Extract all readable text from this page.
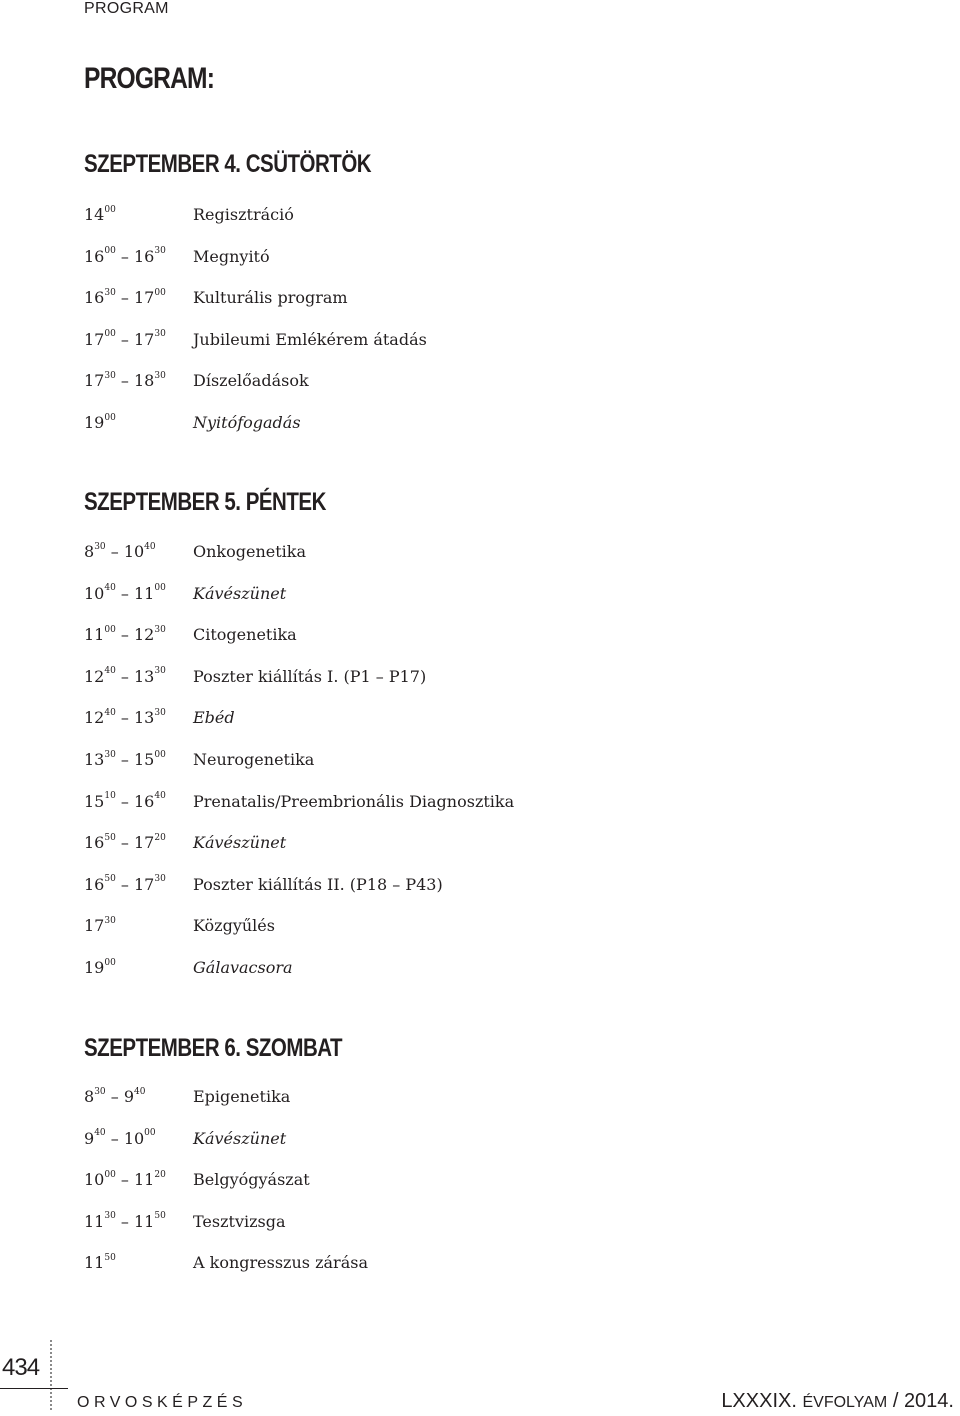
PROGRAM
PROGRAM:
SZEPTEMBER 4. CSÜTÖRTÖK
$14^{00}$	Regisztráció
$16^{00} - 16^{30}$	Megnyitó
$16^{30} - 17^{00}$	Kulturális program
$17^{00} - 17^{30}$	Jubileumi Emlékérem átadás
$17^{30} - 18^{30}$	Díszelőadások
$19^{00}$	Nyitófogadás
SZEPTEMBER 5. PÉNTEK
$8^{30} - 10^{40}$	Onkogenetika
$10^{40} - 11^{00}$	Kávészünet
$11^{00} - 12^{30}$	Citogenetika
$12^{40} - 13^{30}$	Poszter kiállítás I. (P1 – P17)
$12^{40} - 13^{30}$	Ebéd
$13^{30} - 15^{00}$	Neurogenetika
$15^{10} - 16^{40}$	Prenatalis/Preembrionális Diagnosztika
$16^{50} - 17^{20}$	Kávészünet
$16^{50} - 17^{30}$	Poszter kiállítás II. (P18 – P43)
$17^{30}$	Közgyűlés
$19^{00}$	Gálavacsora
SZEPTEMBER 6. SZOMBAT
$8^{30} - 9^{40}$	Epigenetika
$9^{40} - 10^{00}$	Kávészünet
$10^{00} - 11^{20}$	Belgyógyászat
$11^{30} - 11^{50}$	Tesztvizsga
$11^{50}$	A kongresszus zárása
434
ORVOSKÉPZÉS	LXXXIX. ÉVFOLYAM / 2014.
